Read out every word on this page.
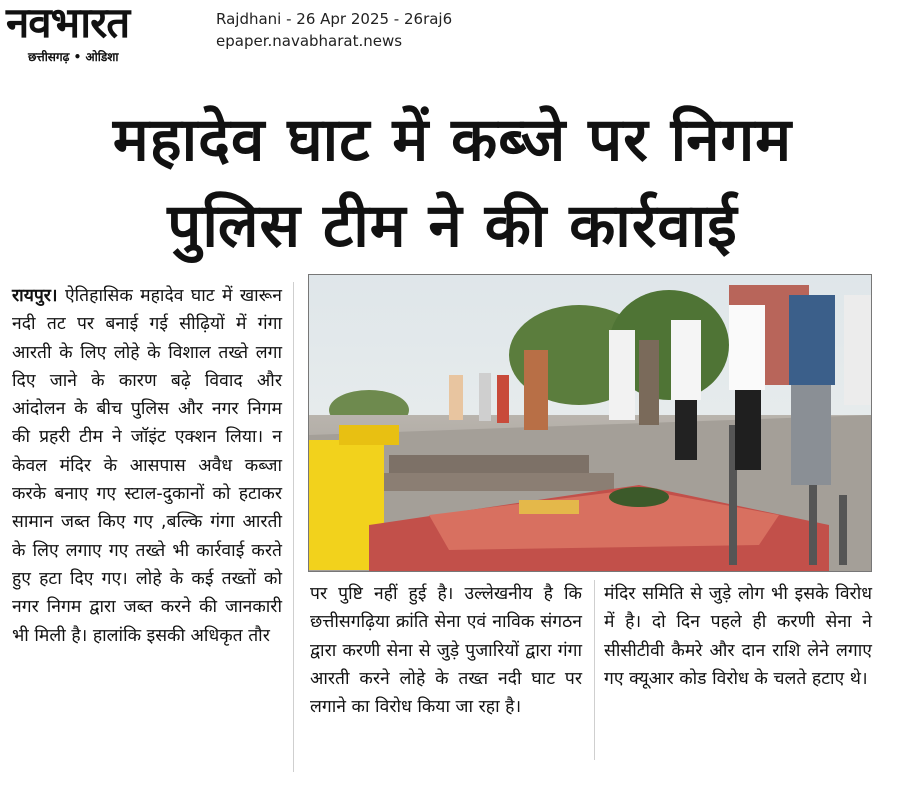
नवभारत
छत्तीसगढ़ • ओडिशा
Rajdhani - 26 Apr 2025 - 26raj6
epaper.navabharat.news
महादेव घाट में कब्जे पर निगम
पुलिस टीम ने की कार्रवाई
रायपुर। ऐतिहासिक महादेव घाट में खारून नदी तट पर बनाई गई सीढ़ियों में गंगा आरती के लिए लोहे के विशाल तख्ते लगा दिए जाने के कारण बढ़े विवाद और आंदोलन के बीच पुलिस और नगर निगम की प्रहरी टीम ने जॉइंट एक्शन लिया। न केवल मंदिर के आसपास अवैध कब्जा करके बनाए गए स्टाल-दुकानों को हटाकर सामान जब्त किए गए ,बल्कि गंगा आरती के लिए लगाए गए तख्ते भी कार्रवाई करते हुए हटा दिए गए। लोहे के कई तख्तों को नगर निगम द्वारा जब्त करने की जानकारी भी मिली है। हालांकि इसकी अधिकृत तौर
पर पुष्टि नहीं हुई है। उल्लेखनीय है कि छत्तीसगढ़िया क्रांति सेना एवं नाविक संगठन द्वारा करणी सेना से जुड़े पुजारियों द्वारा गंगा आरती करने लोहे के तख्त नदी घाट पर लगाने का विरोध किया जा रहा है।
मंदिर समिति से जुड़े लोग भी इसके विरोध में है। दो दिन पहले ही करणी सेना ने सीसीटीवी कैमरे और दान राशि लेने लगाए गए क्यूआर कोड विरोध के चलते हटाए थे।
